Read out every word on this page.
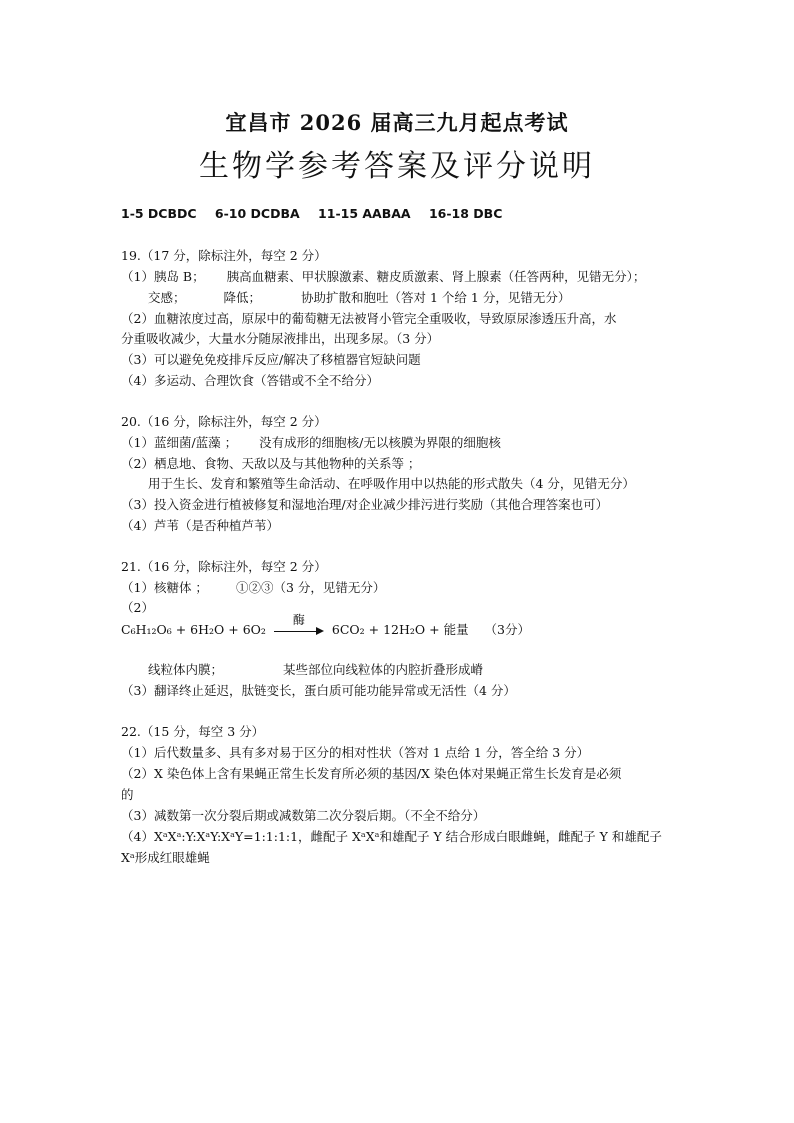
宜昌市 2026 届高三九月起点考试
生物学参考答案及评分说明
1-5 DCBDC 6-10 DCDBA 11-15 AABAA 16-18 DBC
19.（17 分，除标注外，每空 2 分）
（1）胰岛 B； 胰高血糖素、甲状腺激素、糖皮质激素、肾上腺素（任答两种，见错无分）；
交感；	降低；	协助扩散和胞吐（答对 1 个给 1 分，见错无分）
（2）血糖浓度过高，原尿中的葡萄糖无法被肾小管完全重吸收，导致原尿渗透压升高，水
分重吸收减少，大量水分随尿液排出，出现多尿。（3 分）
（3）可以避免免疫排斥反应/解决了移植器官短缺问题
（4）多运动、合理饮食（答错或不全不给分）
20.（16 分，除标注外，每空 2 分）
（1）蓝细菌/蓝藻 ； 没有成形的细胞核/无以核膜为界限的细胞核
（2）栖息地、食物、天敌以及与其他物种的关系等 ；
用于生长、发育和繁殖等生命活动、在呼吸作用中以热能的形式散失（4 分，见错无分）
（3）投入资金进行植被修复和湿地治理/对企业减少排污进行奖励（其他合理答案也可）
（4）芦苇（是否种植芦苇）
21.（16 分，除标注外，每空 2 分）
（1）核糖体 ； ①②③（3 分，见错无分）
（2）
C₆H₁₂O₆ + 6H₂O + 6O₂
酶
6CO₂ + 12H₂O + 能量 （3分）
线粒体内膜；	某些部位向线粒体的内腔折叠形成嵴
（3）翻译终止延迟，肽链变长，蛋白质可能功能异常或无活性（4 分）
22.（15 分，每空 3 分）
（1）后代数量多、具有多对易于区分的相对性状（答对 1 点给 1 分，答全给 3 分）
（2）X 染色体上含有果蝇正常生长发育所必须的基因/X 染色体对果蝇正常生长发育是必须
的
（3）减数第一次分裂后期或减数第二次分裂后期。（不全不给分）
（4）XᵃXᵃ:Y:XᵃY:XᵃY=1:1:1:1，雌配子 XᵃXᵃ和雄配子 Y 结合形成白眼雌蝇，雌配子 Y 和雄配子
Xᵃ形成红眼雄蝇
